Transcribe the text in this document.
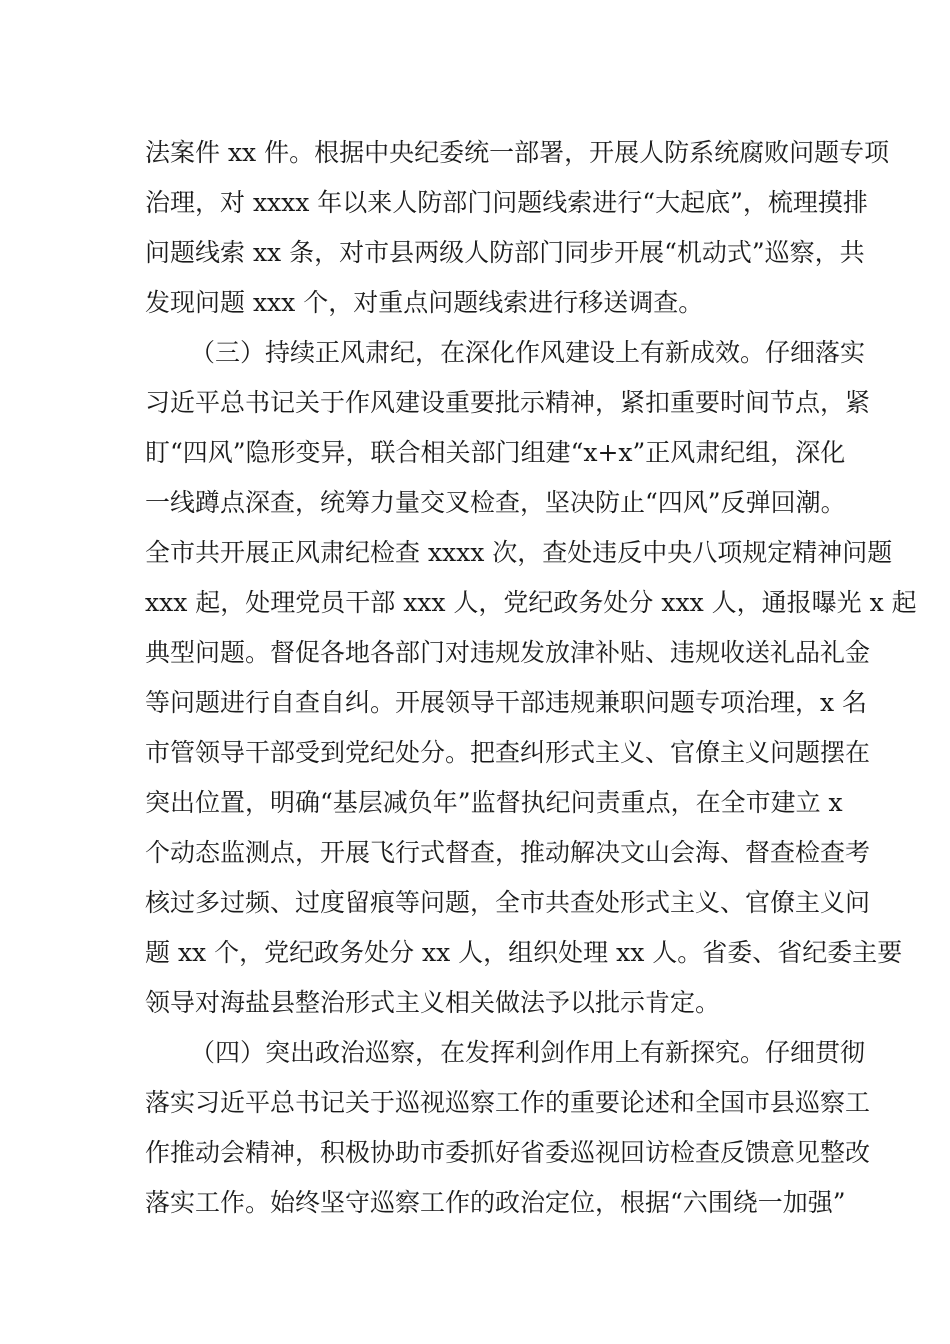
法案件 xx 件。根据中央纪委统一部署，开展人防系统腐败问题专项
治理，对 xxxx 年以来人防部门问题线索进行“大起底”，梳理摸排
问题线索 xx 条，对市县两级人防部门同步开展“机动式”巡察，共
发现问题 xxx 个，对重点问题线索进行移送调查。
（三）持续正风肃纪，在深化作风建设上有新成效。仔细落实
习近平总书记关于作风建设重要批示精神，紧扣重要时间节点，紧
盯“四风”隐形变异，联合相关部门组建“x+x”正风肃纪组，深化
一线蹲点深查，统筹力量交叉检查，坚决防止“四风”反弹回潮。
全市共开展正风肃纪检查 xxxx 次，查处违反中央八项规定精神问题
xxx 起，处理党员干部 xxx 人，党纪政务处分 xxx 人，通报曝光 x 起
典型问题。督促各地各部门对违规发放津补贴、违规收送礼品礼金
等问题进行自查自纠。开展领导干部违规兼职问题专项治理，x 名
市管领导干部受到党纪处分。把查纠形式主义、官僚主义问题摆在
突出位置，明确“基层减负年”监督执纪问责重点，在全市建立 x
个动态监测点，开展飞行式督查，推动解决文山会海、督查检查考
核过多过频、过度留痕等问题，全市共查处形式主义、官僚主义问
题 xx 个，党纪政务处分 xx 人，组织处理 xx 人。省委、省纪委主要
领导对海盐县整治形式主义相关做法予以批示肯定。
（四）突出政治巡察，在发挥利剑作用上有新探究。仔细贯彻
落实习近平总书记关于巡视巡察工作的重要论述和全国市县巡察工
作推动会精神，积极协助市委抓好省委巡视回访检查反馈意见整改
落实工作。始终坚守巡察工作的政治定位，根据“六围绕一加强”
